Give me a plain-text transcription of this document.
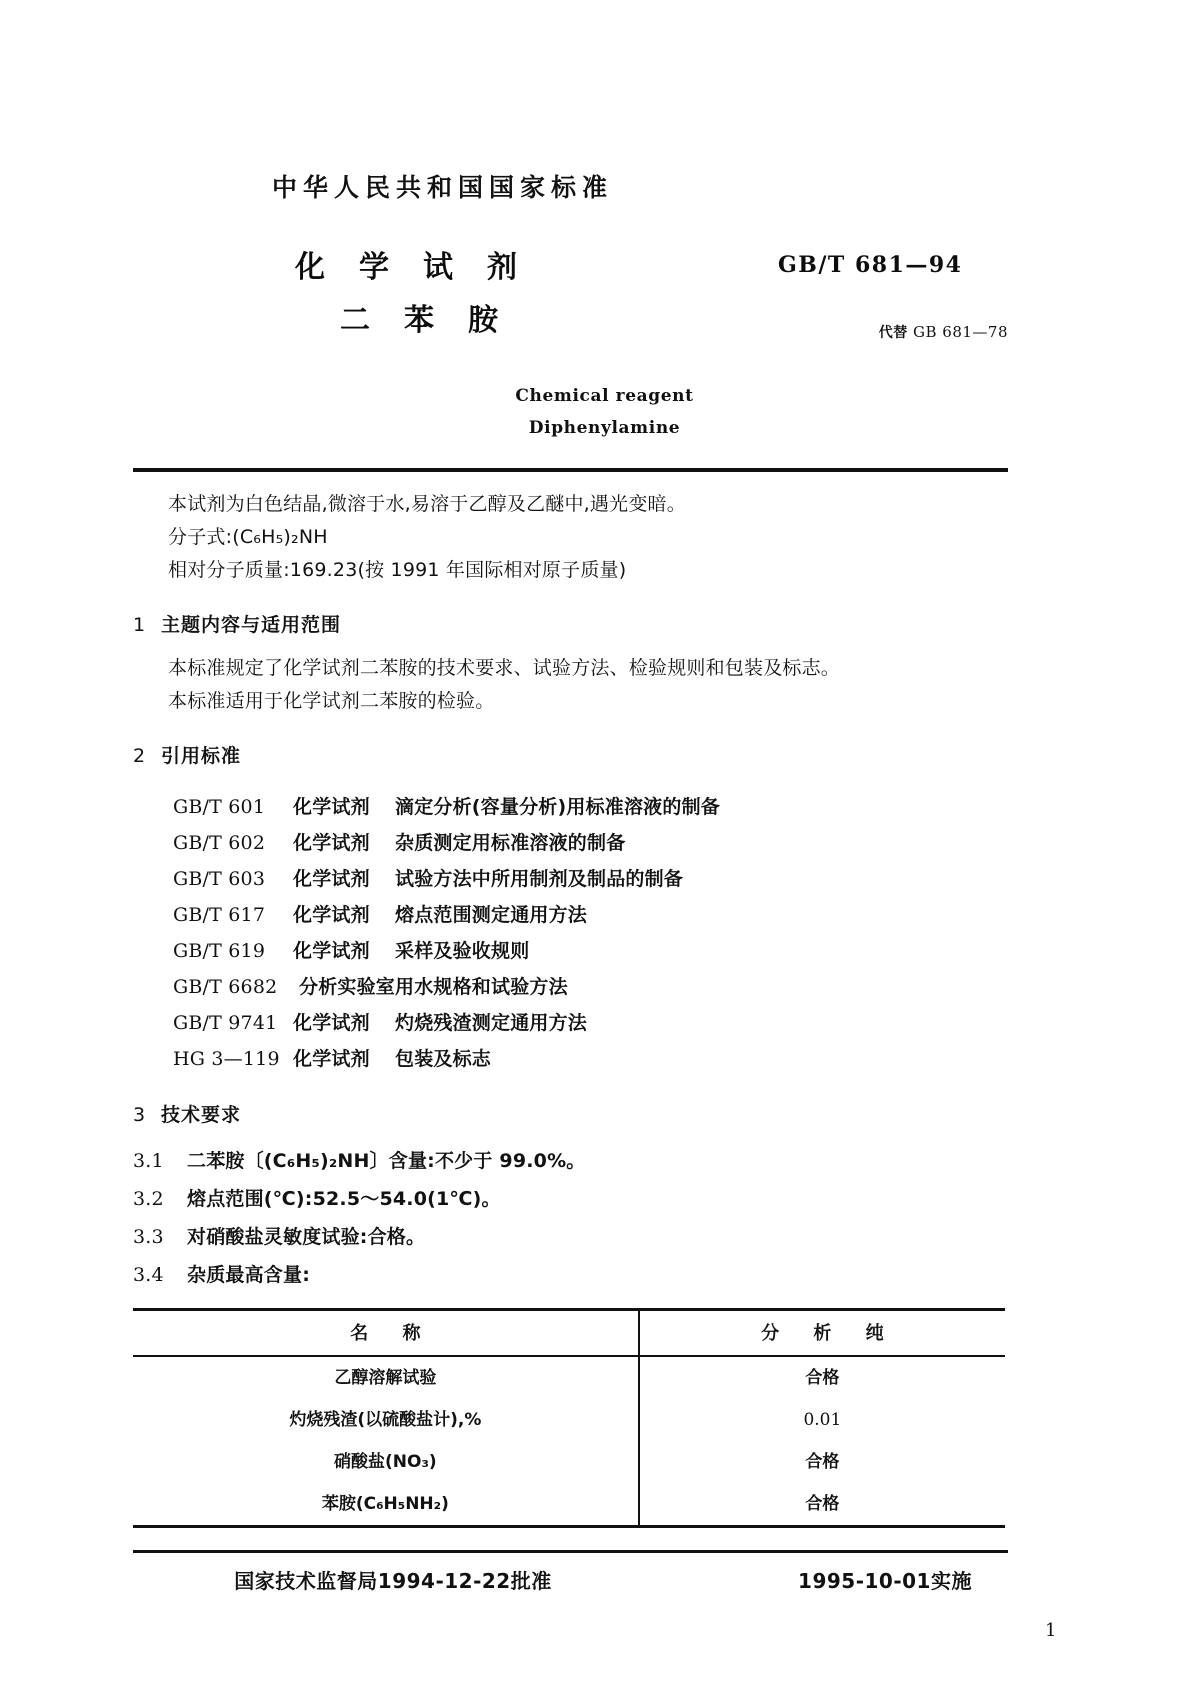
中华人民共和国国家标准
化学试剂
二苯胺
GB/T 681—94
代替 GB 681—78
Chemical reagent
Diphenylamine
本试剂为白色结晶,微溶于水,易溶于乙醇及乙醚中,遇光变暗。
分子式:(C₆H₅)₂NH
相对分子质量:169.23(按 1991 年国际相对原子质量)
1 主题内容与适用范围
本标准规定了化学试剂二苯胺的技术要求、试验方法、检验规则和包装及标志。
本标准适用于化学试剂二苯胺的检验。
2 引用标准
GB/T 601 化学试剂 滴定分析(容量分析)用标准溶液的制备
GB/T 602 化学试剂 杂质测定用标准溶液的制备
GB/T 603 化学试剂 试验方法中所用制剂及制品的制备
GB/T 617 化学试剂 熔点范围测定通用方法
GB/T 619 化学试剂 采样及验收规则
GB/T 6682 分析实验室用水规格和试验方法
GB/T 9741 化学试剂 灼烧残渣测定通用方法
HG 3—119 化学试剂 包装及标志
3 技术要求
3.1 二苯胺〔(C₆H₅)₂NH〕含量:不少于 99.0%。
3.2 熔点范围(℃):52.5～54.0(1℃)。
3.3 对硝酸盐灵敏度试验:合格。
3.4 杂质最高含量:
名 称	分 析 纯
乙醇溶解试验	合格
灼烧残渣(以硫酸盐计),%	0.01
硝酸盐(NO₃)	合格
苯胺(C₆H₅NH₂)	合格
国家技术监督局1994-12-22批准	1995-10-01实施
1
